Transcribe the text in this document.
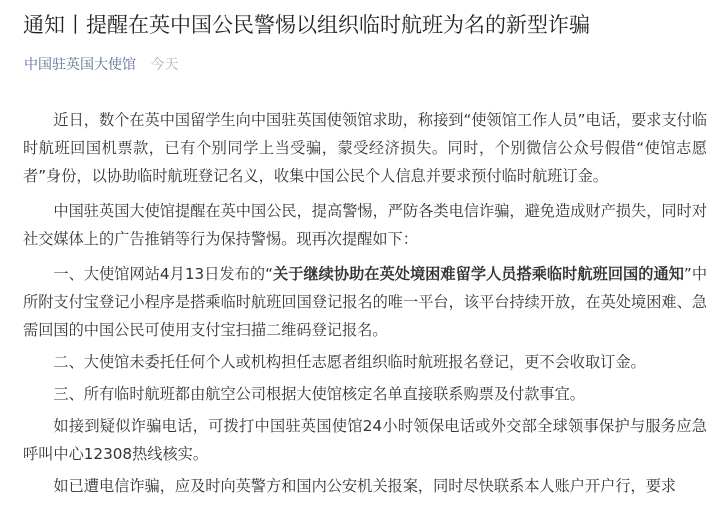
通知丨提醒在英中国公民警惕以组织临时航班为名的新型诈骗
中国驻英国大使馆 今天

近日，数个在英中国留学生向中国驻英国使领馆求助，称接到“使领馆工作人员”电话，要求支付临时航班回国机票款，已有个别同学上当受骗，蒙受经济损失。同时，个别微信公众号假借“使馆志愿者”身份，以协助临时航班登记名义，收集中国公民个人信息并要求预付临时航班订金。

中国驻英国大使馆提醒在英中国公民，提高警惕，严防各类电信诈骗，避免造成财产损失，同时对社交媒体上的广告推销等行为保持警惕。现再次提醒如下：

一、大使馆网站4月13日发布的“关于继续协助在英处境困难留学人员搭乘临时航班回国的通知”中所附支付宝登记小程序是搭乘临时航班回国登记报名的唯一平台，该平台持续开放，在英处境困难、急需回国的中国公民可使用支付宝扫描二维码登记报名。

二、大使馆未委托任何个人或机构担任志愿者组织临时航班报名登记，更不会收取订金。

三、所有临时航班都由航空公司根据大使馆核定名单直接联系购票及付款事宜。

如接到疑似诈骗电话，可拨打中国驻英国使馆24小时领保电话或外交部全球领事保护与服务应急呼叫中心12308热线核实。

如已遭电信诈骗，应及时向英警方和国内公安机关报案，同时尽快联系本人账户开户行，要求
